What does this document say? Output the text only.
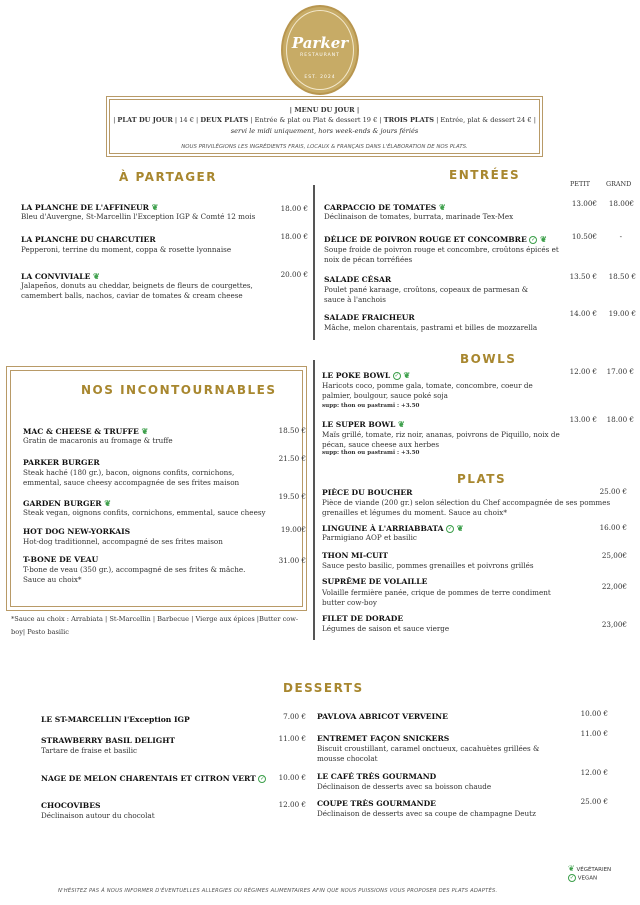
Parker
RESTAURANT
EST. 2024
| MENU DU JOUR |
| PLAT DU JOUR | 14 € | DEUX PLATS | Entrée & plat ou Plat & dessert 19 € | TROIS PLATS | Entrée, plat & dessert 24 € |
servi le midi uniquement, hors week-ends & jours fériés
NOUS PRIVILÉGIONS LES INGRÉDIENTS FRAIS, LOCAUX & FRANÇAIS DANS L'ÉLABORATION DE NOS PLATS.
À PARTAGER
LA PLANCHE DE L'AFFINEUR ❦
Bleu d'Auvergne, St-Marcellin l'Exception IGP & Comté 12 mois
18.00 €
LA PLANCHE DU CHARCUTIER
Pepperoni, terrine du moment, coppa & rosette lyonnaise
18.00 €
LA CONVIVIALE ❦
Jalapeños, donuts au cheddar, beignets de fleurs de courgettes, camembert balls, nachos, caviar de tomates & cream cheese
20.00 €
ENTRÉES
PETIT GRAND
CARPACCIO DE TOMATES ❦
Déclinaison de tomates, burrata, marinade Tex-Mex
13.00€	18.00€
DÉLICE DE POIVRON ROUGE ET CONCOMBRE ✓ ❦
Soupe froide de poivron rouge et concombre, croûtons épicés et noix de pécan torréfiées
10.50€	-
SALADE CÉSAR
Poulet pané karaage, croûtons, copeaux de parmesan & sauce à l'anchois
13.50 €	18.50 €
SALADE FRAICHEUR
Mâche, melon charentais, pastrami et billes de mozzarella
14.00 €	19.00 €
NOS INCONTOURNABLES
MAC & CHEESE & TRUFFE ❦
Gratin de macaronis au fromage & truffe
18.50 €
PARKER BURGER
Steak haché (180 gr.), bacon, oignons confits, cornichons, emmental, sauce cheesy accompagnée de ses frites maison
21.50 €
GARDEN BURGER ❦
Steak vegan, oignons confits, cornichons, emmental, sauce cheesy
19.50 €
HOT DOG NEW-YORKAIS
Hot-dog traditionnel, accompagné de ses frites maison
19.00€
T-BONE DE VEAU
T-bone de veau (350 gr.), accompagné de ses frites & mâche. Sauce au choix*
31.00 €
*Sauce au choix : Arrabiata | St-Marcellin | Barbecue | Vierge aux épices |Butter cow-boy| Pesto basilic
BOWLS
LE POKE BOWL ✓ ❦
Haricots coco, pomme gala, tomate, concombre, coeur de palmier, boulgour, sauce poké soja
supp: thon ou pastrami : +3.50
12.00 €	17.00 €
LE SUPER BOWL ❦
Maïs grillé, tomate, riz noir, ananas, poivrons de Piquillo, noix de pécan, sauce cheese aux herbes
supp: thon ou pastrami : +3.50
13.00 €	18.00 €
PLATS
PIÈCE DU BOUCHER
Pièce de viande (200 gr.) selon sélection du Chef accompagnée de ses pommes grenailles et légumes du moment. Sauce au choix*
25.00 €
LINGUINE À L'ARRIABBATA ✓ ❦
Parmigiano AOP et basilic
16.00 €
THON MI-CUIT
Sauce pesto basilic, pommes grenailles et poivrons grillés
25,00€
SUPRÊME DE VOLAILLE
Volaille fermière panée, crique de pommes de terre condiment butter cow-boy
22,00€
FILET DE DORADE
Légumes de saison et sauce vierge	23,00€
DESSERTS
LE ST-MARCELLIN l'Exception IGP	7.00 €
STRAWBERRY BASIL DELIGHT
Tartare de fraise et basilic
11.00 €
NAGE DE MELON CHARENTAIS ET CITRON VERT ✓	10.00 €
CHOCOVIBES
Déclinaison autour du chocolat
12.00 €
PAVLOVA ABRICOT VERVEINE	10.00 €
ENTREMET FAÇON SNICKERS
Biscuit croustillant, caramel onctueux, cacahuètes grillées & mousse chocolat
11.00 €
LE CAFÉ TRÈS GOURMAND
Déclinaison de desserts avec sa boisson chaude
12.00 €
COUPE TRÈS GOURMANDE
Déclinaison de desserts avec sa coupe de champagne Deutz
25.00 €
❦ VÉGÉTARIEN
✓ VEGAN
N'HÉSITEZ PAS À NOUS INFORMER D'ÉVENTUELLES ALLERGIES OU RÉGIMES ALIMENTAIRES AFIN QUE NOUS PUISSIONS VOUS PROPOSER DES PLATS ADAPTÉS.
